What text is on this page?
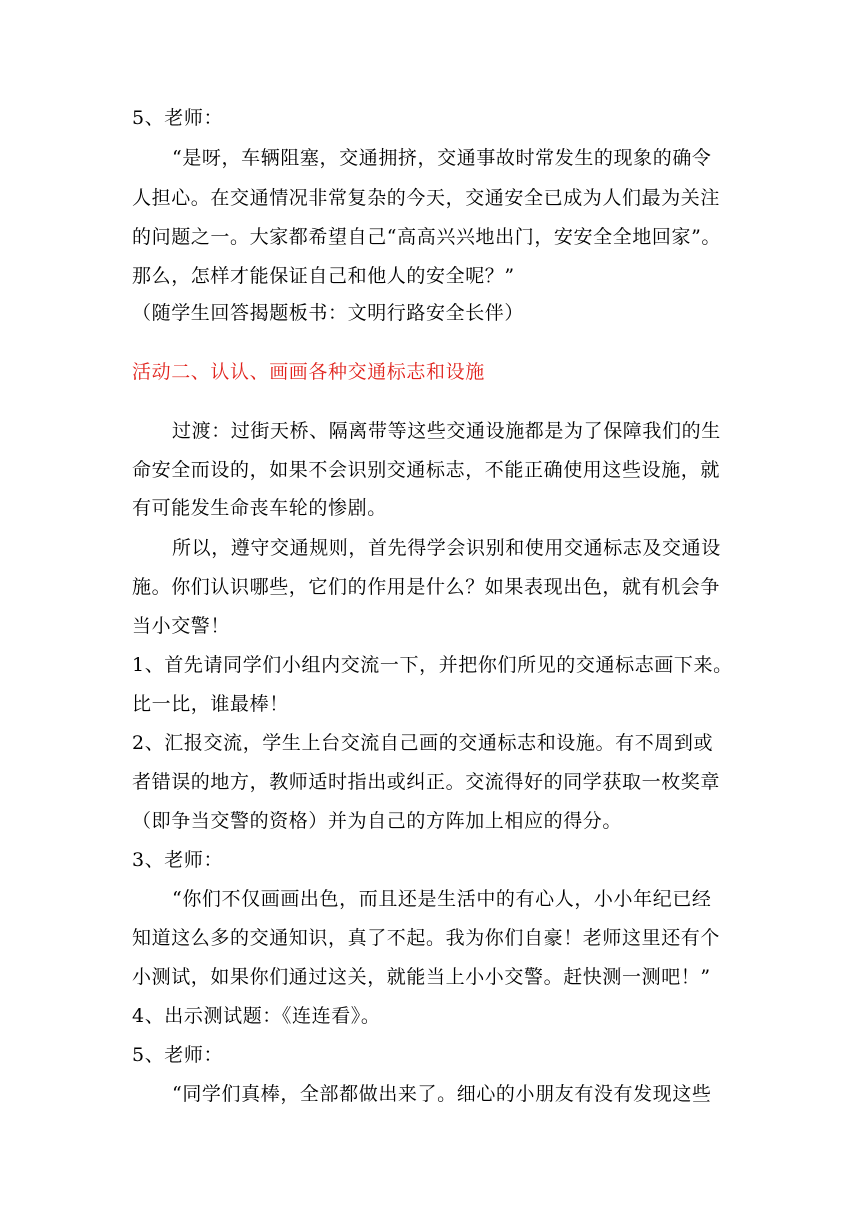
5、老师：
“是呀，车辆阻塞，交通拥挤，交通事故时常发生的现象的确令
人担心。在交通情况非常复杂的今天，交通安全已成为人们最为关注
的问题之一。大家都希望自己“高高兴兴地出门，安安全全地回家”。
那么，怎样才能保证自己和他人的安全呢？”
（随学生回答揭题板书：文明行路安全长伴）
活动二、认认、画画各种交通标志和设施
过渡：过街天桥、隔离带等这些交通设施都是为了保障我们的生
命安全而设的，如果不会识别交通标志，不能正确使用这些设施，就
有可能发生命丧车轮的惨剧。
所以，遵守交通规则，首先得学会识别和使用交通标志及交通设
施。你们认识哪些，它们的作用是什么？如果表现出色，就有机会争
当小交警！
1、首先请同学们小组内交流一下，并把你们所见的交通标志画下来。
比一比，谁最棒！
2、汇报交流，学生上台交流自己画的交通标志和设施。有不周到或
者错误的地方，教师适时指出或纠正。交流得好的同学获取一枚奖章
（即争当交警的资格）并为自己的方阵加上相应的得分。
3、老师：
“你们不仅画画出色，而且还是生活中的有心人，小小年纪已经
知道这么多的交通知识，真了不起。我为你们自豪！老师这里还有个
小测试，如果你们通过这关，就能当上小小交警。赶快测一测吧！”
4、出示测试题：《连连看》。
5、老师：
“同学们真棒，全部都做出来了。细心的小朋友有没有发现这些
